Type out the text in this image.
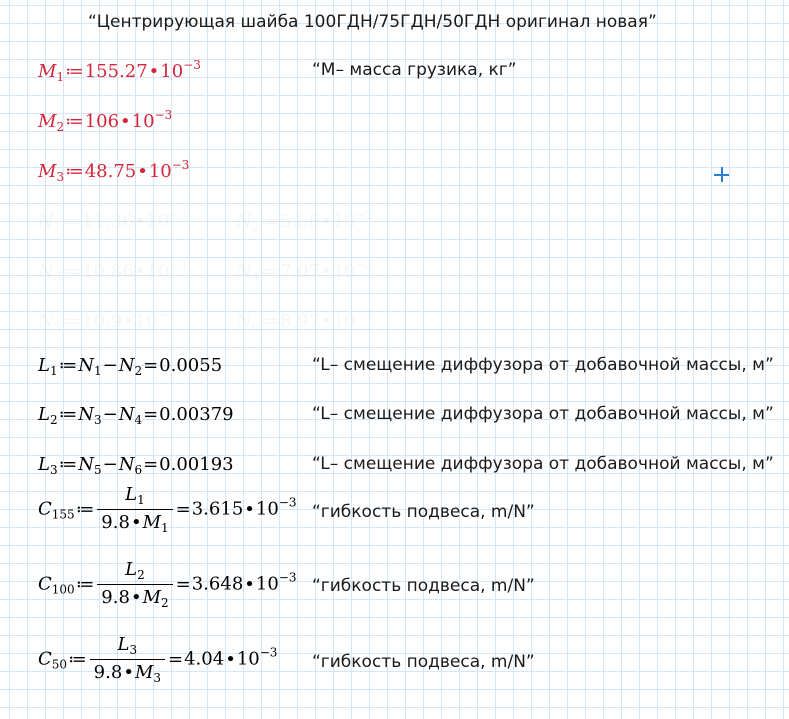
“Центрирующая шайба 100ГДН/75ГДН/50ГДН оригинал новая”
$M_1≔155.27•10^{-3}$	“M– масса грузика, кг”
$M_2≔106•10^{-3}$
$M_3≔48.75•10^{-3}$
$L_1≔N_1-N_2=0.0055$	“L– смещение диффузора от добавочной массы, м”
$L_2≔N_3-N_4=0.00379$	“L– смещение диффузора от добавочной массы, м”
$L_3≔N_5-N_6=0.00193$	“L– смещение диффузора от добавочной массы, м”
$C_{155}≔ \frac{L_1}{9.8•M_1}$ $=3.615•10^{-3}$ “гибкость подвеса, m/N”
$C_{100}≔ \frac{L_2}{9.8•M_2}$ $=3.648•10^{-3}$ “гибкость подвеса, m/N”
$C_{50}≔ \frac{L_3}{9.8•M_3}$ $=4.04•10^{-3}$ “гибкость подвеса, m/N”
